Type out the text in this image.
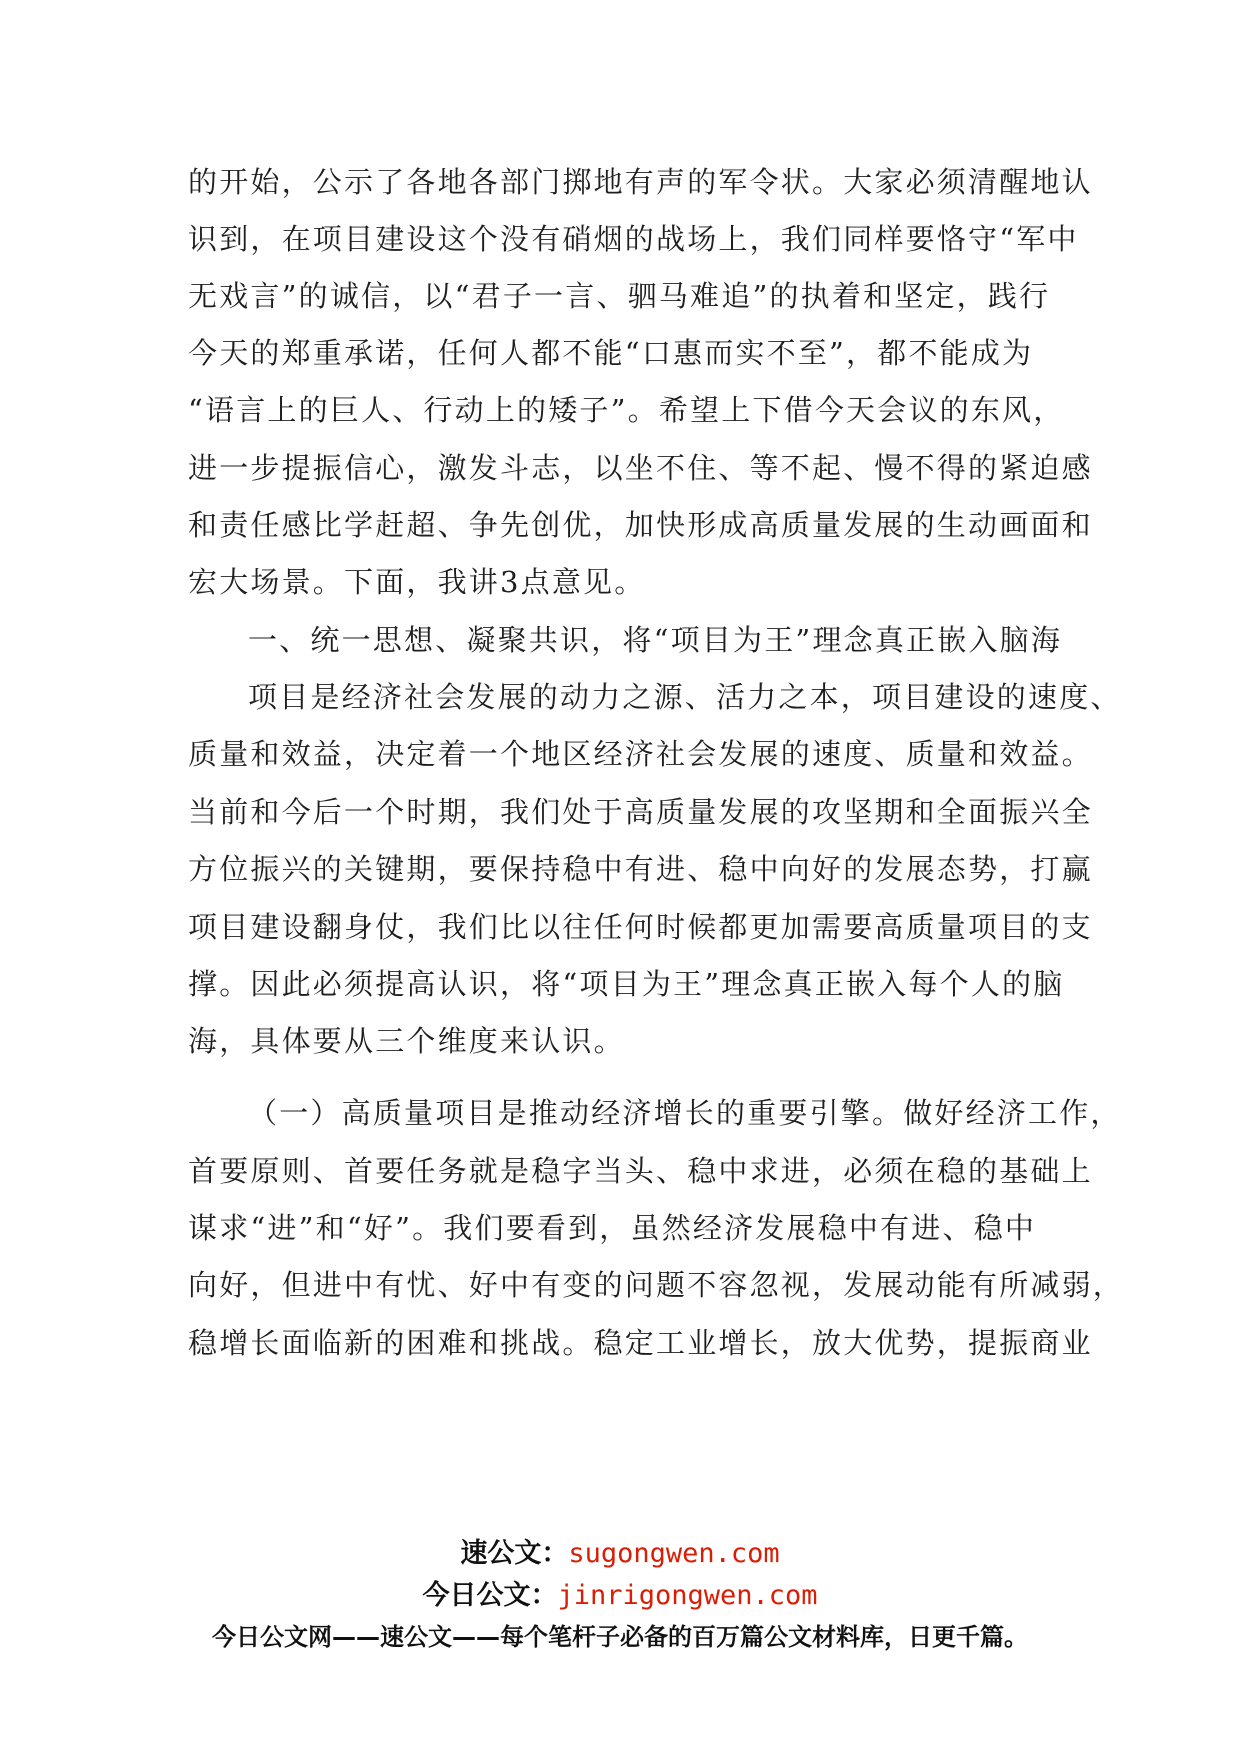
的开始，公示了各地各部门掷地有声的军令状。大家必须清醒地认
识到，在项目建设这个没有硝烟的战场上，我们同样要恪守“军中
无戏言”的诚信，以“君子一言、驷马难追”的执着和坚定，践行
今天的郑重承诺，任何人都不能“口惠而实不至”，都不能成为
“语言上的巨人、行动上的矮子”。希望上下借今天会议的东风，
进一步提振信心，激发斗志，以坐不住、等不起、慢不得的紧迫感
和责任感比学赶超、争先创优，加快形成高质量发展的生动画面和
宏大场景。下面，我讲3点意见。
一、统一思想、凝聚共识，将“项目为王”理念真正嵌入脑海
项目是经济社会发展的动力之源、活力之本，项目建设的速度、
质量和效益，决定着一个地区经济社会发展的速度、质量和效益。
当前和今后一个时期，我们处于高质量发展的攻坚期和全面振兴全
方位振兴的关键期，要保持稳中有进、稳中向好的发展态势，打赢
项目建设翻身仗，我们比以往任何时候都更加需要高质量项目的支
撑。因此必须提高认识，将“项目为王”理念真正嵌入每个人的脑
海，具体要从三个维度来认识。
（一）高质量项目是推动经济增长的重要引擎。做好经济工作，
首要原则、首要任务就是稳字当头、稳中求进，必须在稳的基础上
谋求“进”和“好”。我们要看到，虽然经济发展稳中有进、稳中
向好，但进中有忧、好中有变的问题不容忽视，发展动能有所减弱，
稳增长面临新的困难和挑战。稳定工业增长，放大优势，提振商业
速公文：sugongwen.com
今日公文：jinrigongwen.com
今日公文网——速公文——每个笔杆子必备的百万篇公文材料库，日更千篇。
